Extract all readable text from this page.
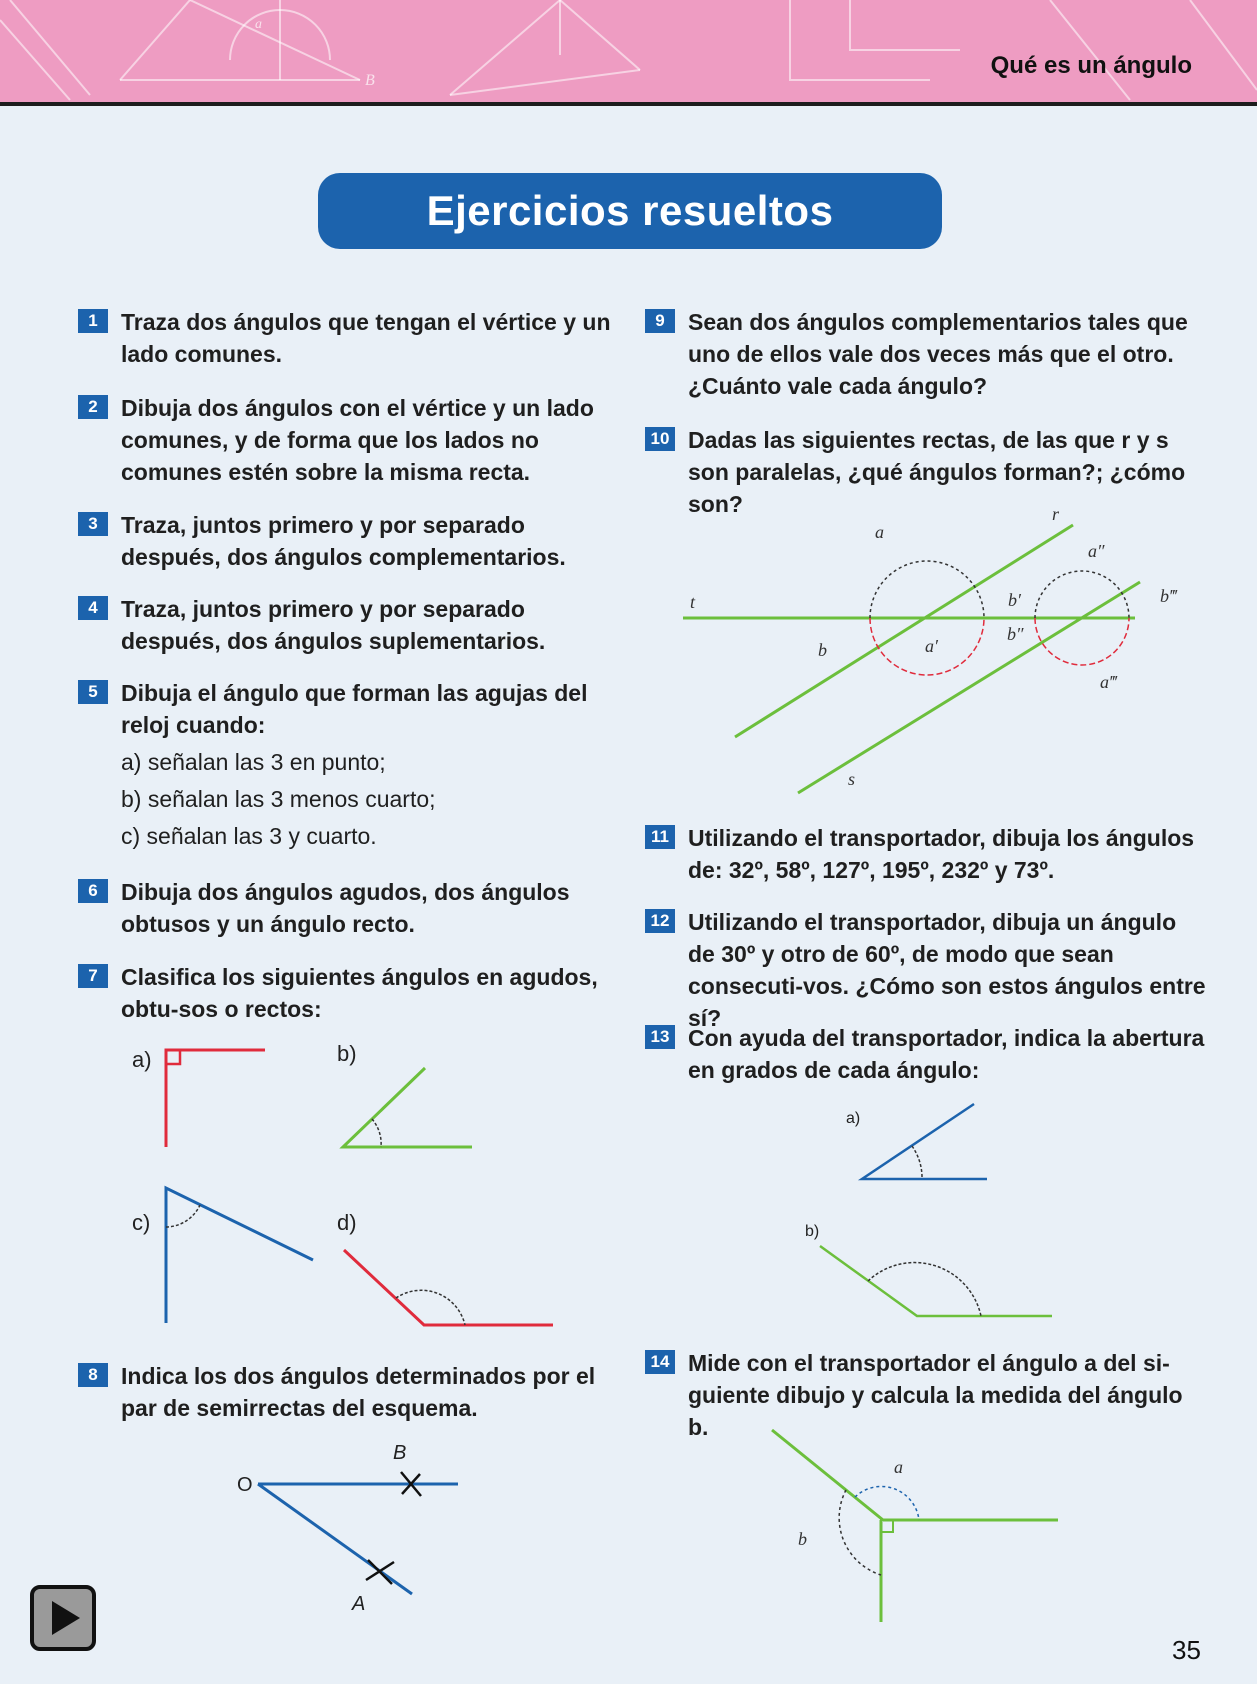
a
B
Qué es un ángulo
Ejercicios resueltos
1	Traza dos ángulos que tengan el vértice y un lado comunes.
2	Dibuja dos ángulos con el vértice y un lado comunes, y de forma que los lados no comunes estén sobre la misma recta.
3	Traza, juntos primero y por separado después, dos ángulos complementarios.
4	Traza, juntos primero y por separado después, dos ángulos suplementarios.
5	Dibuja el ángulo que forman las agujas del reloj cuando:
a) señalan las 3 en punto;
b) señalan las 3 menos cuarto;
c) señalan las 3 y cuarto.
6	Dibuja dos ángulos agudos, dos ángulos obtusos y un ángulo recto.
7	Clasifica los siguientes ángulos en agudos, obtu-sos o rectos:
a)	b)
c)	d)
8	Indica los dos ángulos determinados por el par de semirrectas del esquema.
O
B
A
9	Sean dos ángulos complementarios tales que uno de ellos vale dos veces más que el otro. ¿Cuánto vale cada ángulo?
10 Dadas las siguientes rectas, de las que r y s son paralelas, ¿qué ángulos forman?; ¿cómo son?	r
a
a″
t	b′	b‴
b″
b	a′
a‴
s
11 Utilizando el transportador, dibuja los ángulos de: 32º, 58º, 127º, 195º, 232º y 73º.
12 Utilizando el transportador, dibuja un ángulo de 30º y otro de 60º, de modo que sean consecuti-vos. ¿Cómo son estos ángulos entre sí?
13 Con ayuda del transportador, indica la abertura en grados de cada ángulo:
a)
b)
14 Mide con el transportador el ángulo a del si-guiente dibujo y calcula la medida del ángulo b.
a
b
35
